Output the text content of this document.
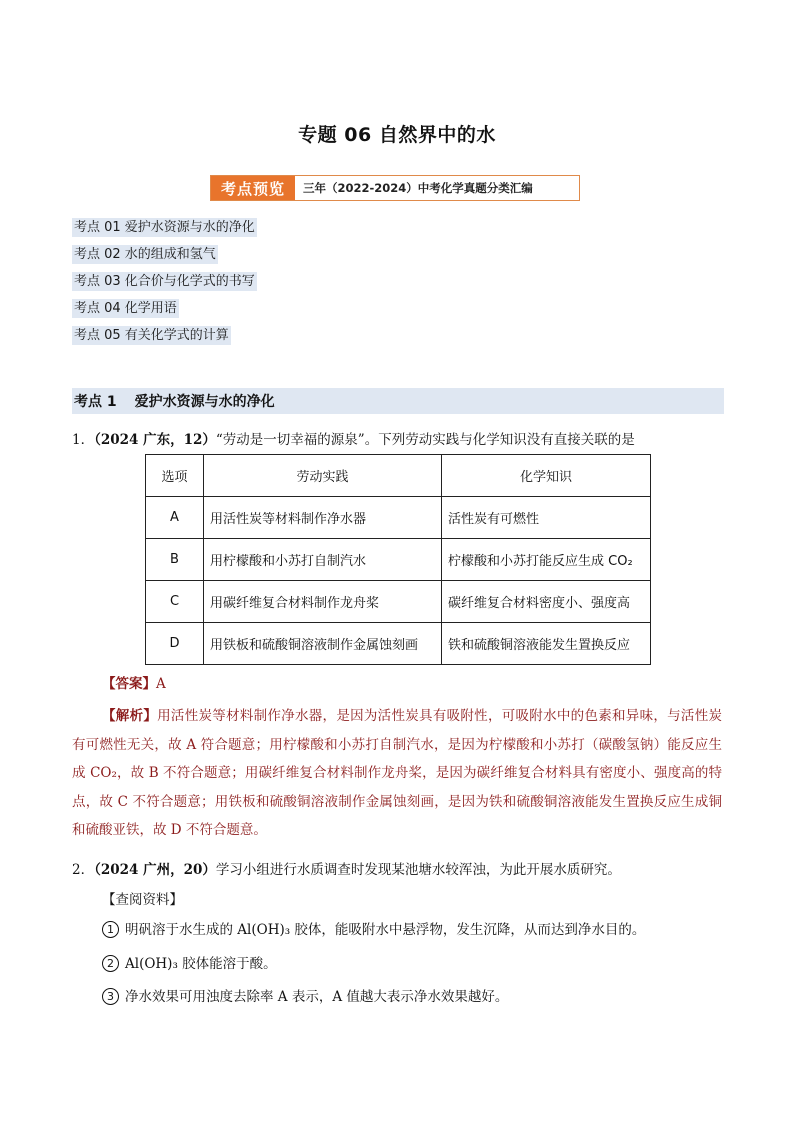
专题 06 自然界中的水
考点预览	三年（2022-2024）中考化学真题分类汇编
考点 01 爱护水资源与水的净化
考点 02 水的组成和氢气
考点 03 化合价与化学式的书写
考点 04 化学用语
考点 05 有关化学式的计算
考点 1 爱护水资源与水的净化
1．（2024 广东，12）“劳动是一切幸福的源泉”。下列劳动实践与化学知识没有直接关联的是
选项	劳动实践	化学知识
A	用活性炭等材料制作净水器	活性炭有可燃性
B	用柠檬酸和小苏打自制汽水	柠檬酸和小苏打能反应生成 CO₂
C	用碳纤维复合材料制作龙舟桨	碳纤维复合材料密度小、强度高
D	用铁板和硫酸铜溶液制作金属蚀刻画	铁和硫酸铜溶液能发生置换反应
【答案】A
【解析】用活性炭等材料制作净水器，是因为活性炭具有吸附性，可吸附水中的色素和异味，与活性炭有可燃性无关，故 A 符合题意；用柠檬酸和小苏打自制汽水，是因为柠檬酸和小苏打（碳酸氢钠）能反应生成 CO₂，故 B 不符合题意；用碳纤维复合材料制作龙舟桨，是因为碳纤维复合材料具有密度小、强度高的特点，故 C 不符合题意；用铁板和硫酸铜溶液制作金属蚀刻画，是因为铁和硫酸铜溶液能发生置换反应生成铜和硫酸亚铁，故 D 不符合题意。
2．（2024 广州，20）学习小组进行水质调查时发现某池塘水较浑浊，为此开展水质研究。
【查阅资料】
1 明矾溶于水生成的 Al(OH)₃ 胶体，能吸附水中悬浮物，发生沉降，从而达到净水目的。
2 Al(OH)₃ 胶体能溶于酸。
3 净水效果可用浊度去除率 A 表示，A 值越大表示净水效果越好。
